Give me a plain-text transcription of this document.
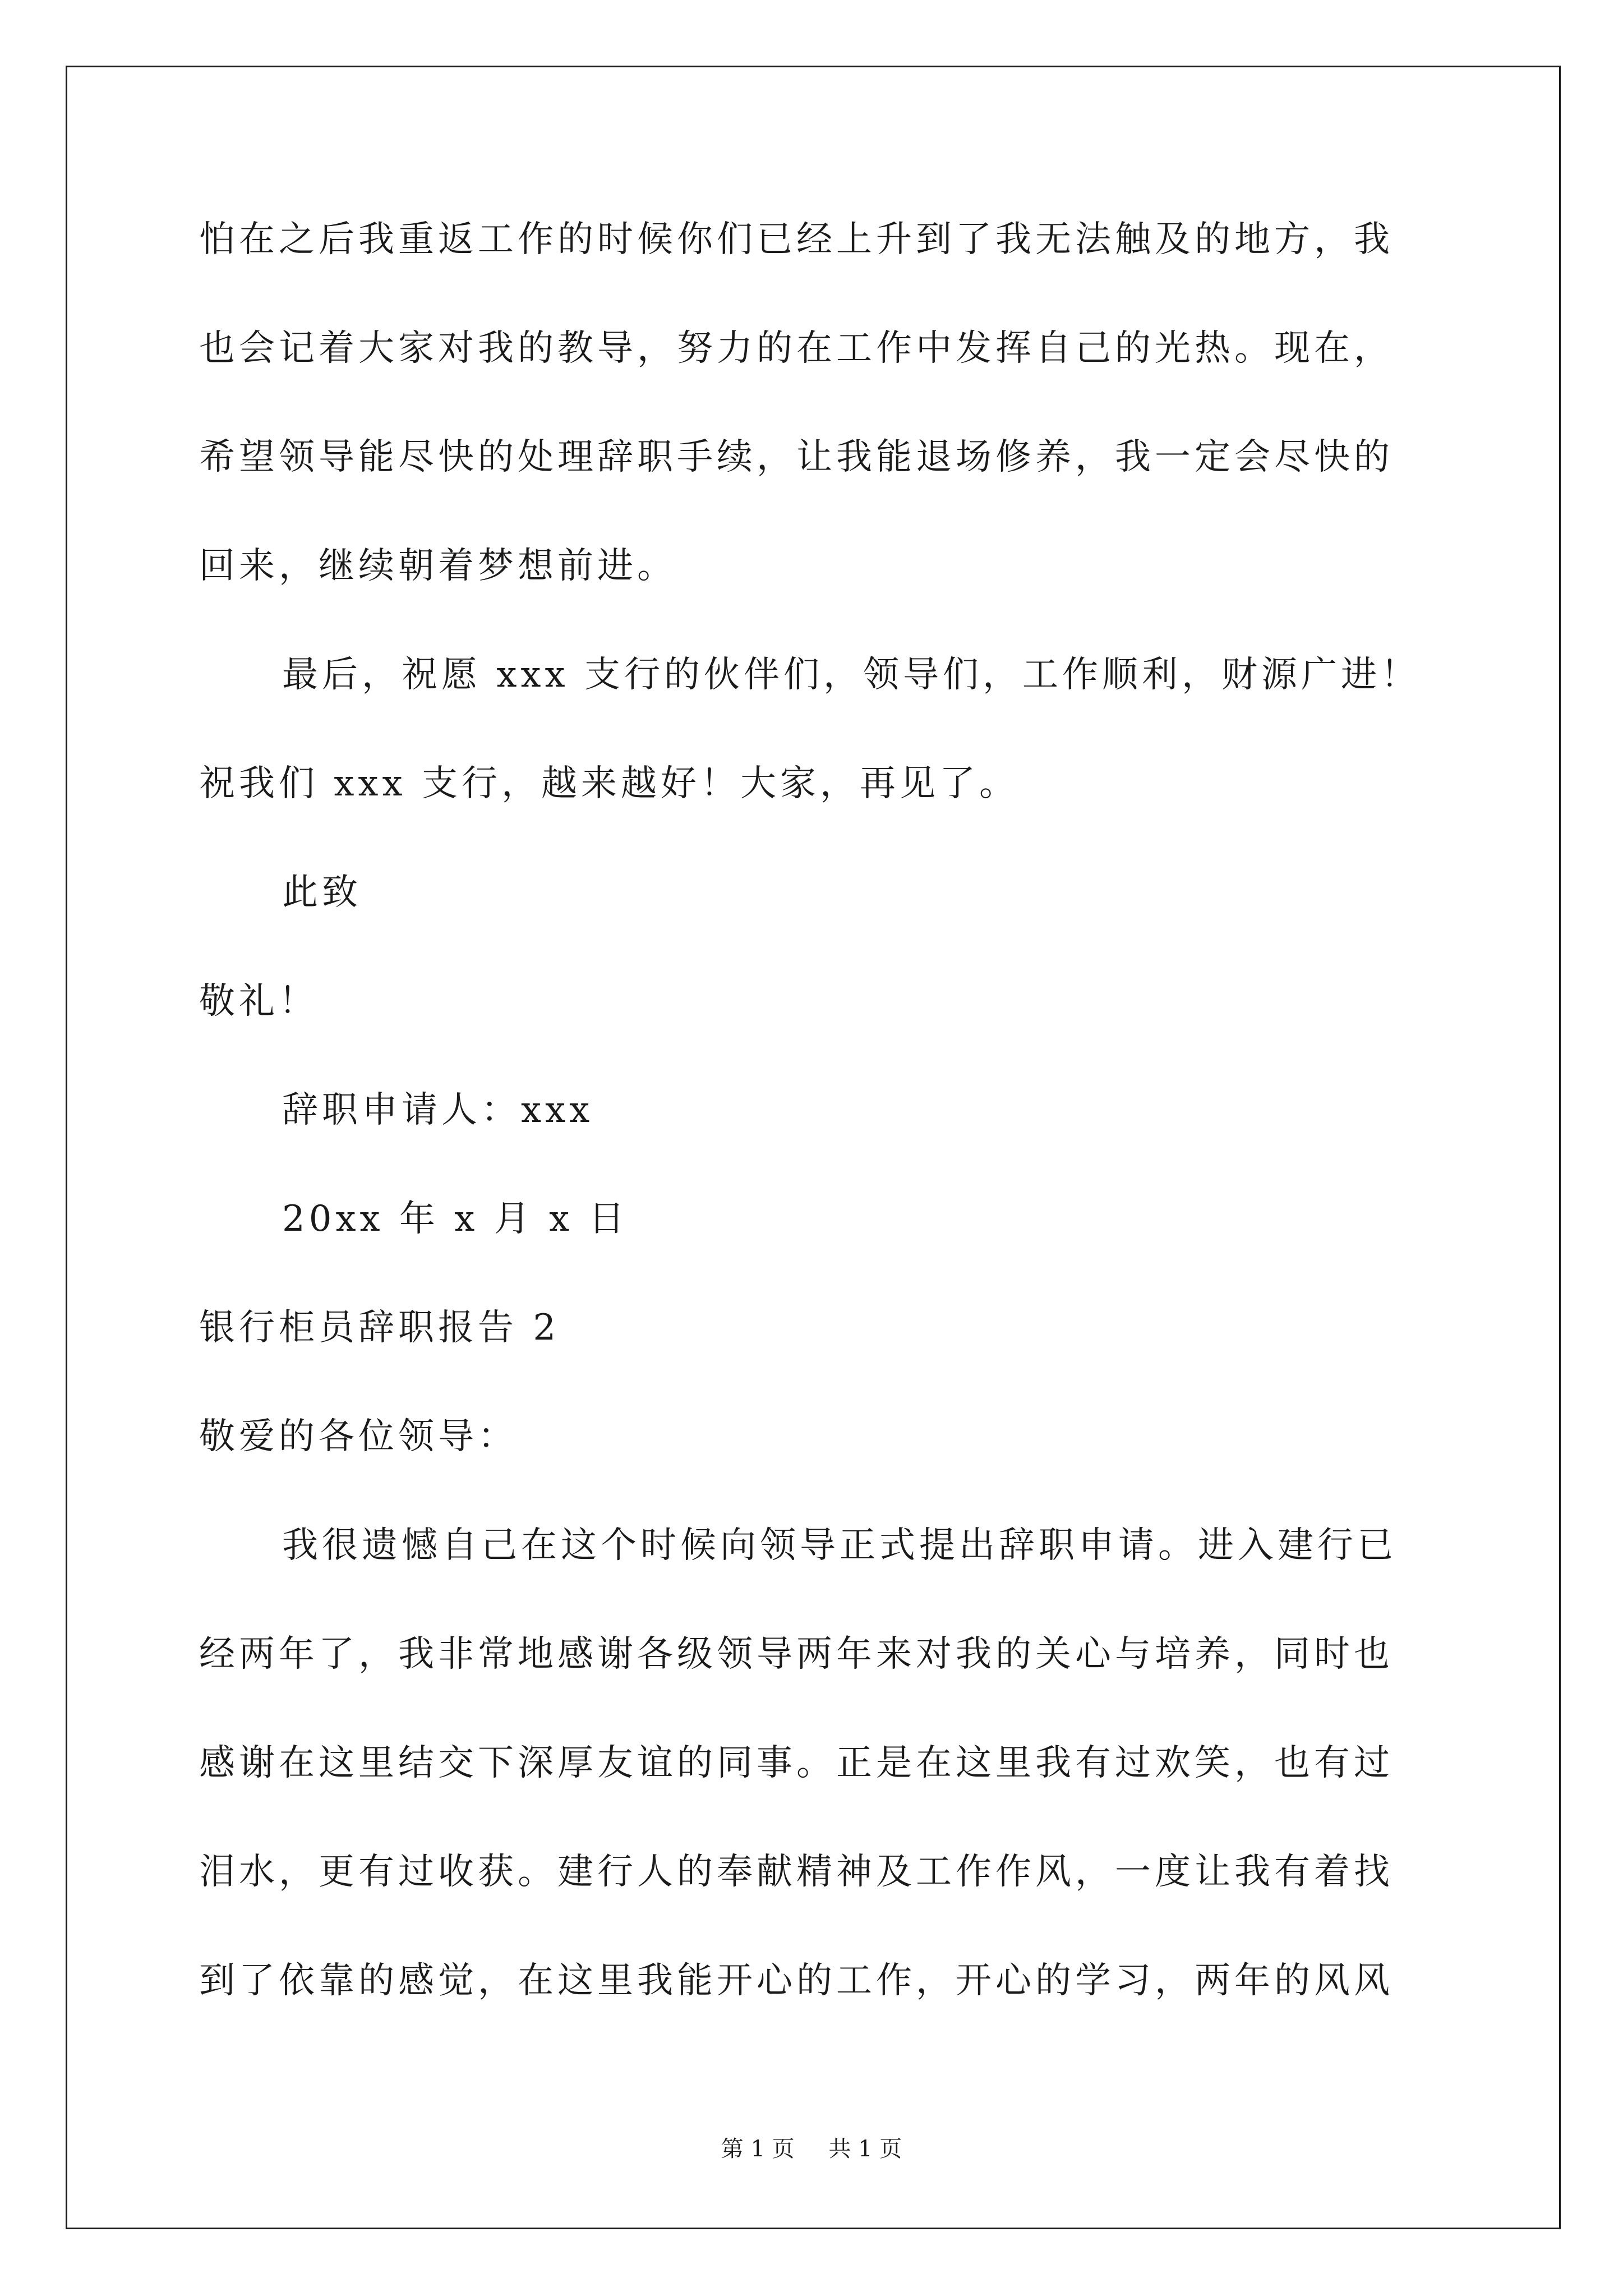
怕在之后我重返工作的时候你们已经上升到了我无法触及的地方，我
也会记着大家对我的教导，努力的在工作中发挥自己的光热。现在，
希望领导能尽快的处理辞职手续，让我能退场修养，我一定会尽快的
回来，继续朝着梦想前进。
最后，祝愿 xxx 支行的伙伴们，领导们，工作顺利，财源广进！
祝我们 xxx 支行，越来越好！大家，再见了。
此致
敬礼！
辞职申请人：xxx
20xx 年 x 月 x 日
银行柜员辞职报告 2
敬爱的各位领导：
我很遗憾自己在这个时候向领导正式提出辞职申请。进入建行已
经两年了，我非常地感谢各级领导两年来对我的关心与培养，同时也
感谢在这里结交下深厚友谊的同事。正是在这里我有过欢笑，也有过
泪水，更有过收获。建行人的奉献精神及工作作风，一度让我有着找
到了依靠的感觉，在这里我能开心的工作，开心的学习，两年的风风
第 1 页 共 1 页
